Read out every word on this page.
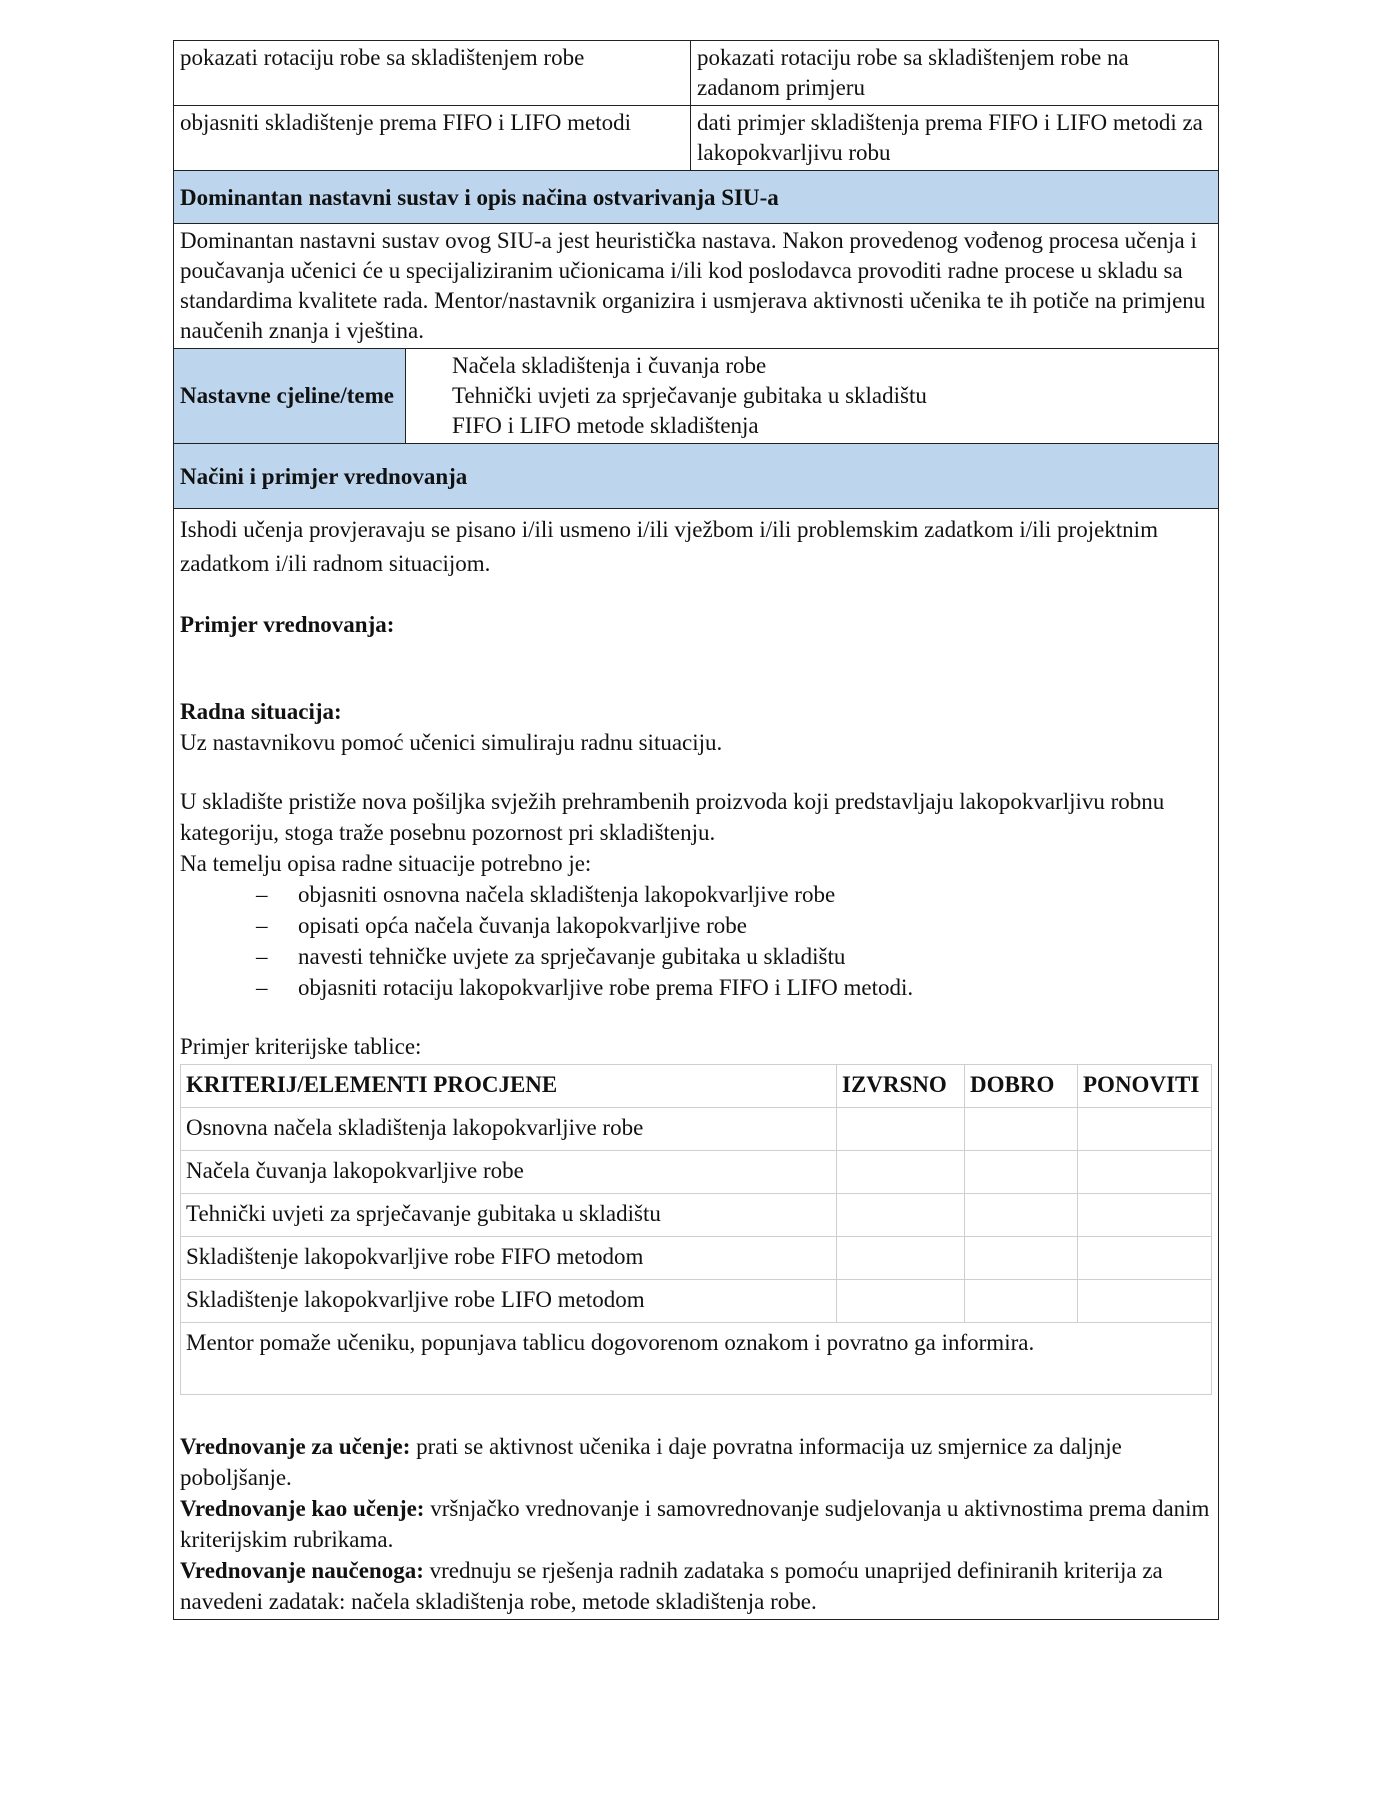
pokazati rotaciju robe sa skladištenjem robe	pokazati rotaciju robe sa skladištenjem robe na zadanom primjeru
objasniti skladištenje prema FIFO i LIFO metodi	dati primjer skladištenja prema FIFO i LIFO metodi za lakopokvarljivu robu
Dominantan nastavni sustav i opis načina ostvarivanja SIU-a
Dominantan nastavni sustav ovog SIU-a jest heuristička nastava. Nakon provedenog vođenog procesa učenja i poučavanja učenici će u specijaliziranim učionicama i/ili kod poslodavca provoditi radne procese u skladu sa standardima kvalitete rada. Mentor/nastavnik organizira i usmjerava aktivnosti učenika te ih potiče na primjenu naučenih znanja i vještina.
Nastavne cjeline/teme	
Načela skladištenja i čuvanja robe
Tehnički uvjeti za sprječavanje gubitaka u skladištu
FIFO i LIFO metode skladištenja

Načini i primjer vrednovanja

Ishodi učenja provjeravaju se pisano i/ili usmeno i/ili vježbom i/ili problemskim zadatkom i/ili projektnim zadatkom i/ili radnom situacijom.

Primjer vrednovanja:

Radna situacija:

Uz nastavnikovu pomoć učenici simuliraju radnu situaciju.

U skladište pristiže nova pošiljka svježih prehrambenih proizvoda koji predstavljaju lakopokvarljivu robnu kategoriju, stoga traže posebnu pozornost pri skladištenju.

Na temelju opisa radne situacije potrebno je:

– objasniti osnovna načela skladištenja lakopokvarljive robe
– opisati opća načela čuvanja lakopokvarljive robe
– navesti tehničke uvjete za sprječavanje gubitaka u skladištu
– objasniti rotaciju lakopokvarljive robe prema FIFO i LIFO metodi.

Primjer kriterijske tablice:

KRITERIJ/ELEMENTI PROCJENE	IZVRSNO	DOBRO	PONOVITI
Osnovna načela skladištenja lakopokvarljive robe			
Načela čuvanja lakopokvarljive robe			
Tehnički uvjeti za sprječavanje gubitaka u skladištu			
Skladištenje lakopokvarljive robe FIFO metodom			
Skladištenje lakopokvarljive robe LIFO metodom			
Mentor pomaže učeniku, popunjava tablicu dogovorenom oznakom i povratno ga informira.

Vrednovanje za učenje: prati se aktivnost učenika i daje povratna informacija uz smjernice za daljnje poboljšanje.

Vrednovanje kao učenje: vršnjačko vrednovanje i samovrednovanje sudjelovanja u aktivnostima prema danim kriterijskim rubrikama.

Vrednovanje naučenoga: vrednuju se rješenja radnih zadataka s pomoću unaprijed definiranih kriterija za navedeni zadatak: načela skladištenja robe, metode skladištenja robe.
